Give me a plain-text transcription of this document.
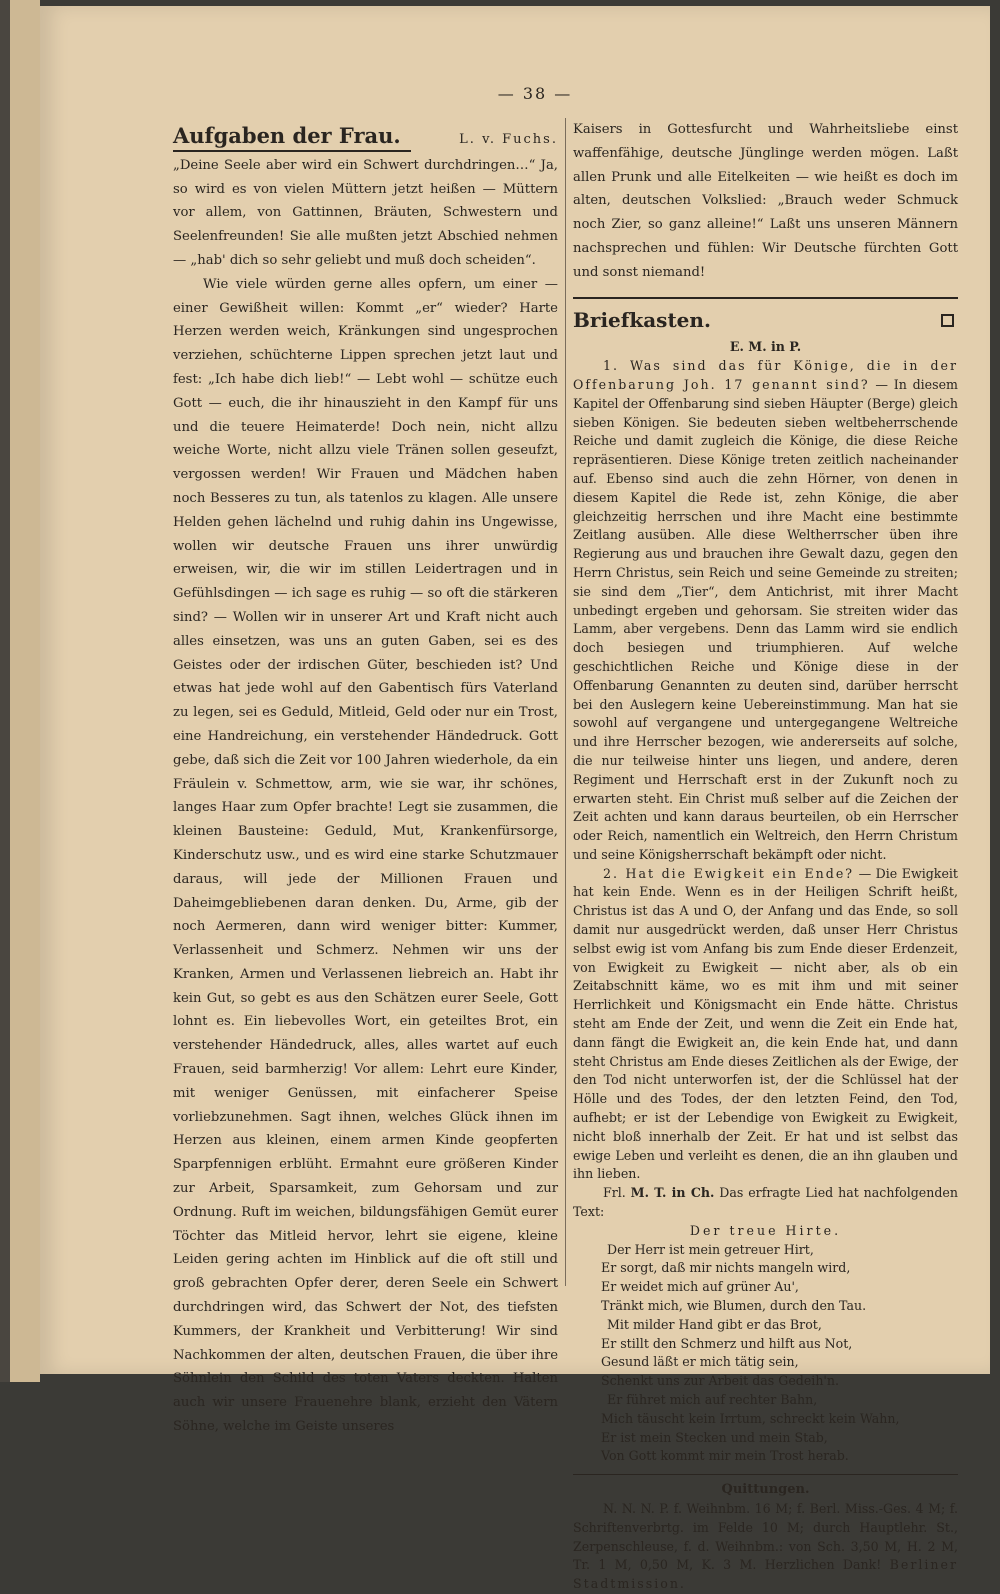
— 38 —
Aufgaben der Frau.	L. v. Fuchs.

„Deine Seele aber wird ein Schwert durchdringen…“ Ja, so wird es von vielen Müttern jetzt heißen — Müttern vor allem, von Gattinnen, Bräuten, Schwestern und Seelenfreunden! Sie alle mußten jetzt Abschied nehmen — „hab' dich so sehr geliebt und muß doch scheiden“.

Wie viele würden gerne alles opfern, um einer — einer Gewißheit willen: Kommt „er“ wieder? Harte Herzen werden weich, Kränkungen sind ungesprochen verziehen, schüchterne Lippen sprechen jetzt laut und fest: „Ich habe dich lieb!“ — Lebt wohl — schütze euch Gott — euch, die ihr hinauszieht in den Kampf für uns und die teuere Heimaterde! Doch nein, nicht allzu weiche Worte, nicht allzu viele Tränen sollen geseufzt, vergossen werden! Wir Frauen und Mädchen haben noch Besseres zu tun, als tatenlos zu klagen. Alle unsere Helden gehen lächelnd und ruhig dahin ins Ungewisse, wollen wir deutsche Frauen uns ihrer unwürdig erweisen, wir, die wir im stillen Leidertragen und in Gefühlsdingen — ich sage es ruhig — so oft die stärkeren sind? — Wollen wir in unserer Art und Kraft nicht auch alles einsetzen, was uns an guten Gaben, sei es des Geistes oder der irdischen Güter, beschieden ist? Und etwas hat jede wohl auf den Gabentisch fürs Vaterland zu legen, sei es Geduld, Mitleid, Geld oder nur ein Trost, eine Handreichung, ein verstehender Händedruck. Gott gebe, daß sich die Zeit vor 100 Jahren wiederhole, da ein Fräulein v. Schmettow, arm, wie sie war, ihr schönes, langes Haar zum Opfer brachte! Legt sie zusammen, die kleinen Bausteine: Geduld, Mut, Krankenfürsorge, Kinderschutz usw., und es wird eine starke Schutzmauer daraus, will jede der Millionen Frauen und Daheimgebliebenen daran denken. Du, Arme, gib der noch Aermeren, dann wird weniger bitter: Kummer, Verlassenheit und Schmerz. Nehmen wir uns der Kranken, Armen und Verlassenen liebreich an. Habt ihr kein Gut, so gebt es aus den Schätzen eurer Seele, Gott lohnt es. Ein liebevolles Wort, ein geteiltes Brot, ein verstehender Händedruck, alles, alles wartet auf euch Frauen, seid barmherzig! Vor allem: Lehrt eure Kinder, mit weniger Genüssen, mit einfacherer Speise vorliebzunehmen. Sagt ihnen, welches Glück ihnen im Herzen aus kleinen, einem armen Kinde geopferten Sparpfennigen erblüht. Ermahnt eure größeren Kinder zur Arbeit, Sparsamkeit, zum Gehorsam und zur Ordnung. Ruft im weichen, bildungsfähigen Gemüt eurer Töchter das Mitleid hervor, lehrt sie eigene, kleine Leiden gering achten im Hinblick auf die oft still und groß gebrachten Opfer derer, deren Seele ein Schwert durchdringen wird, das Schwert der Not, des tiefsten Kummers, der Krankheit und Verbitterung! Wir sind Nachkommen der alten, deutschen Frauen, die über ihre Söhnlein den Schild des toten Vaters deckten. Halten auch wir unsere Frauenehre blank, erzieht den Vätern Söhne, welche im Geiste unseres

Kaisers in Gottesfurcht und Wahrheitsliebe einst waffenfähige, deutsche Jünglinge werden mögen. Laßt allen Prunk und alle Eitelkeiten — wie heißt es doch im alten, deutschen Volkslied: „Brauch weder Schmuck noch Zier, so ganz alleine!“ Laßt uns unseren Männern nachsprechen und fühlen: Wir Deutsche fürchten Gott und sonst niemand!

Briefkasten.
E. M. in P.

1. Was sind das für Könige, die in der Offenbarung Joh. 17 genannt sind? — In diesem Kapitel der Offenbarung sind sieben Häupter (Berge) gleich sieben Königen. Sie bedeuten sieben weltbeherrschende Reiche und damit zugleich die Könige, die diese Reiche repräsentieren. Diese Könige treten zeitlich nacheinander auf. Ebenso sind auch die zehn Hörner, von denen in diesem Kapitel die Rede ist, zehn Könige, die aber gleichzeitig herrschen und ihre Macht eine bestimmte Zeitlang ausüben. Alle diese Weltherrscher üben ihre Regierung aus und brauchen ihre Gewalt dazu, gegen den Herrn Christus, sein Reich und seine Gemeinde zu streiten; sie sind dem „Tier“, dem Antichrist, mit ihrer Macht unbedingt ergeben und gehorsam. Sie streiten wider das Lamm, aber vergebens. Denn das Lamm wird sie endlich doch besiegen und triumphieren. Auf welche geschichtlichen Reiche und Könige diese in der Offenbarung Genannten zu deuten sind, darüber herrscht bei den Auslegern keine Uebereinstimmung. Man hat sie sowohl auf vergangene und untergegangene Weltreiche und ihre Herrscher bezogen, wie andererseits auf solche, die nur teilweise hinter uns liegen, und andere, deren Regiment und Herrschaft erst in der Zukunft noch zu erwarten steht. Ein Christ muß selber auf die Zeichen der Zeit achten und kann daraus beurteilen, ob ein Herrscher oder Reich, namentlich ein Weltreich, den Herrn Christum und seine Königsherrschaft bekämpft oder nicht.

2. Hat die Ewigkeit ein Ende? — Die Ewigkeit hat kein Ende. Wenn es in der Heiligen Schrift heißt, Christus ist das A und O, der Anfang und das Ende, so soll damit nur ausgedrückt werden, daß unser Herr Christus selbst ewig ist vom Anfang bis zum Ende dieser Erdenzeit, von Ewigkeit zu Ewigkeit — nicht aber, als ob ein Zeitabschnitt käme, wo es mit ihm und mit seiner Herrlichkeit und Königsmacht ein Ende hätte. Christus steht am Ende der Zeit, und wenn die Zeit ein Ende hat, dann fängt die Ewigkeit an, die kein Ende hat, und dann steht Christus am Ende dieses Zeitlichen als der Ewige, der den Tod nicht unterworfen ist, der die Schlüssel hat der Hölle und des Todes, der den letzten Feind, den Tod, aufhebt; er ist der Lebendige von Ewigkeit zu Ewigkeit, nicht bloß innerhalb der Zeit. Er hat und ist selbst das ewige Leben und verleiht es denen, die an ihn glauben und ihn lieben.

Frl. M. T. in Ch. Das erfragte Lied hat nachfolgenden Text:

Der treue Hirte.
Der Herr ist mein getreuer Hirt,
Er sorgt, daß mir nichts mangeln wird,
Er weidet mich auf grüner Au',
Tränkt mich, wie Blumen, durch den Tau.
Mit milder Hand gibt er das Brot,
Er stillt den Schmerz und hilft aus Not,
Gesund läßt er mich tätig sein,
Schenkt uns zur Arbeit das Gedeih'n.
Er führet mich auf rechter Bahn,
Mich täuscht kein Irrtum, schreckt kein Wahn,
Er ist mein Stecken und mein Stab,
Von Gott kommt mir mein Trost herab.
Quittungen.

N. N. N. P. f. Weihnbm. 16 M; f. Berl. Miss.-Ges. 4 M; f. Schriftenverbrtg. im Felde 10 M; durch Hauptlehr. St., Zerpenschleuse, f. d. Weihnbm.: von Sch. 3,50 M, H. 2 M, Tr. 1 M, 0,50 M, K. 3 M. Herzlichen Dank! Berliner Stadtmission.
